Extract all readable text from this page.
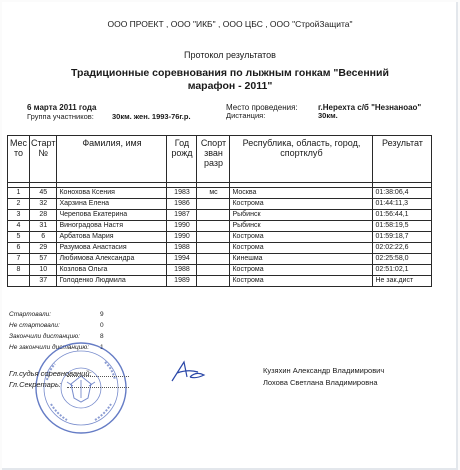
ООО ПРОЕКТ , ООО "ИКБ" , ООО ЦБС , ООО "СтройЗащита"
Протокол результатов
Традиционные соревнования по лыжным гонкам "Весенний марафон - 2011"
6 марта 2011 года	Место проведения:	г.Нерехта с/б "Незнаноао"
Группа участников: 30км. жен. 1993-76г.р.	Дистанция:	30км.
Мес то	Старт №	Фамилия, имя	Год рожд	Спорт зван разр	Республика, область, город, спортклуб	Результат

1	45	Конохова Ксения	1983	мс	Москва	01:38:06,4
2	32	Харзина Елена	1986		Кострома	01:44:11,3
3	28	Черепова Екатерина	1987		Рыбинск	01:56:44,1
4	31	Виноградова Настя	1990		Рыбинск	01:58:19,5
5	6	Арбатова Мария	1990		Кострома	01:59:18,7
6	29	Разумова Анастасия	1988		Кострома	02:02:22,6
7	57	Любимова Александра	1994		Кинешма	02:25:58,0
8	10	Козлова Ольга	1988		Кострома	02:51:02,1
	37	Голоденко Людмила	1989		Кострома	Не зак.дист
Стартовали:	9
Не стартовали:	0
Закончили дистанцию:	8
Не закончили дистанцию: 1
Гл.судья соревнований:
Гл.Секретарь:
Кузяхин Александр Владимирович
Лохова Светлана Владимировна
